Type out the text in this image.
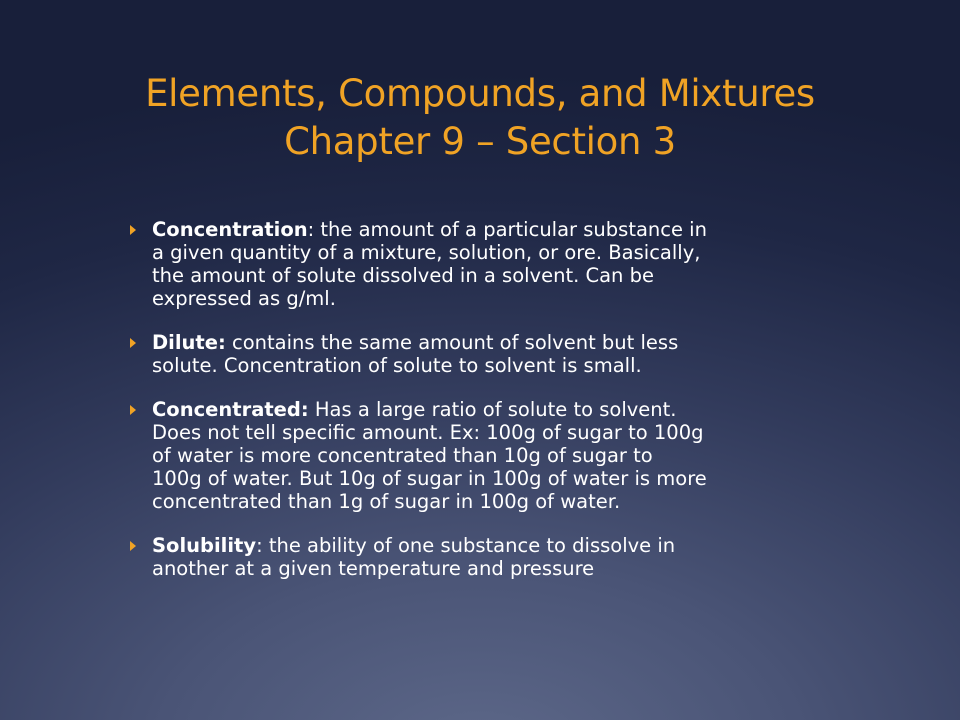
Elements, Compounds, and Mixtures
Chapter 9 – Section 3
Concentration: the amount of a particular substance in
a given quantity of a mixture, solution, or ore. Basically,
the amount of solute dissolved in a solvent. Can be
expressed as g/ml.
Dilute: contains the same amount of solvent but less
solute. Concentration of solute to solvent is small.
Concentrated: Has a large ratio of solute to solvent.
Does not tell specific amount. Ex: 100g of sugar to 100g
of water is more concentrated than 10g of sugar to
100g of water. But 10g of sugar in 100g of water is more
concentrated than 1g of sugar in 100g of water.
Solubility: the ability of one substance to dissolve in
another at a given temperature and pressure
